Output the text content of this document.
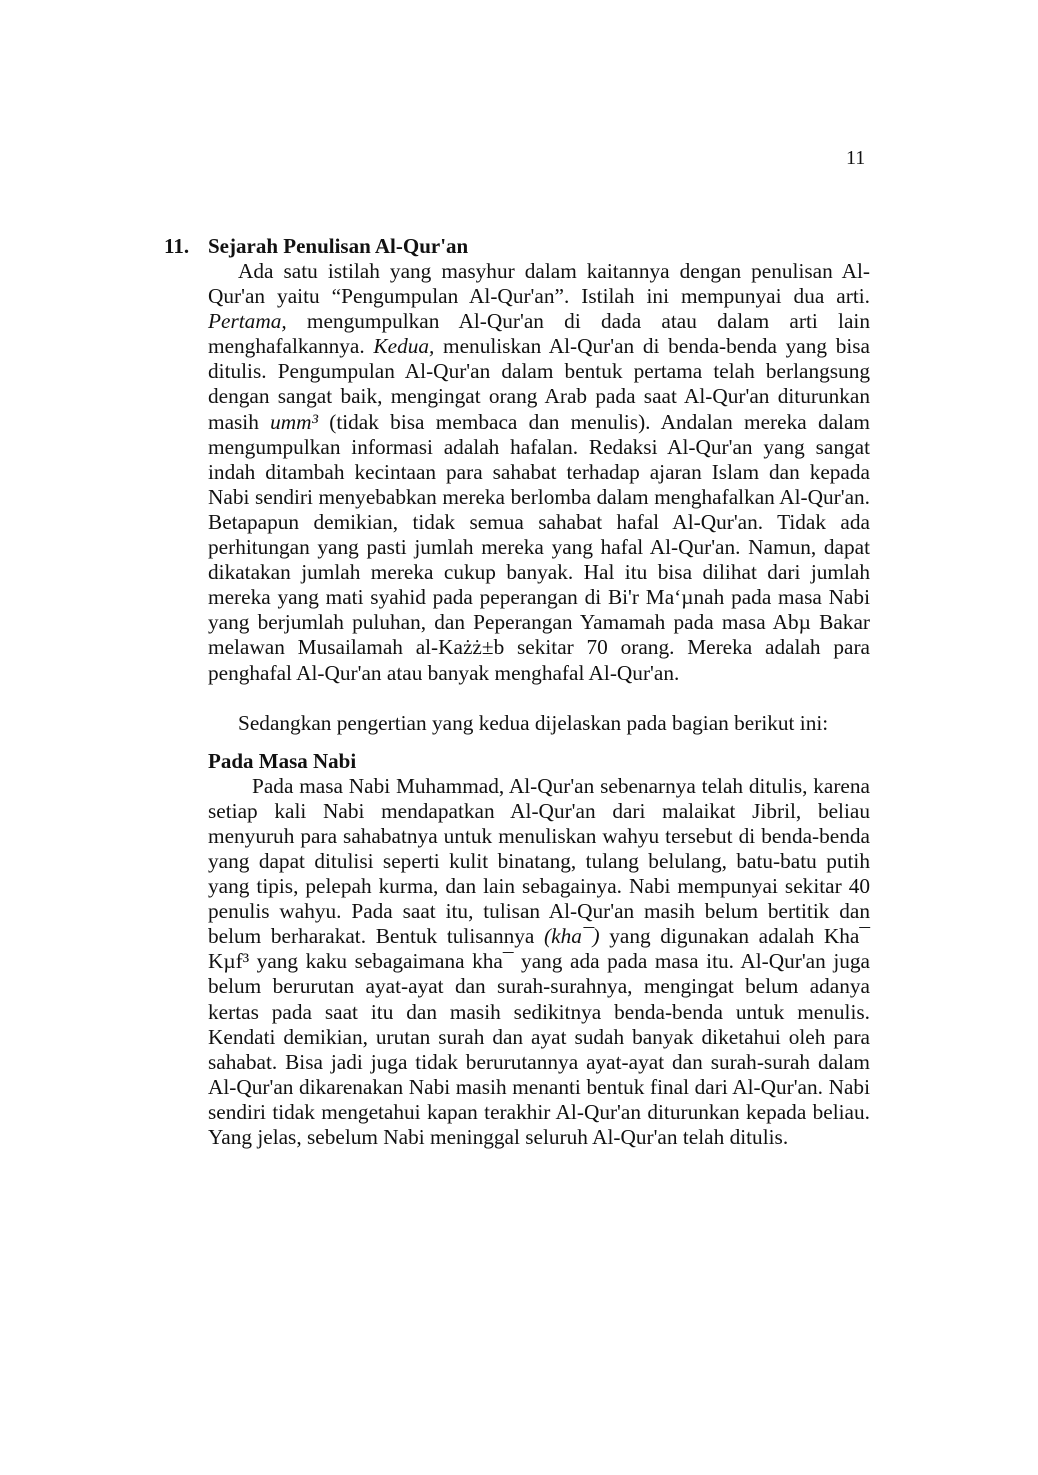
11
11. Sejarah Penulisan Al-Qur'an

Ada satu istilah yang masyhur dalam kaitannya dengan penulisan Al-Qur'an yaitu “Pengumpulan Al-Qur'an”. Istilah ini mempunyai dua arti. Pertama, mengumpulkan Al-Qur'an di dada atau dalam arti lain menghafalkannya. Kedua, menuliskan Al-Qur'an di benda-benda yang bisa ditulis. Pengumpulan Al-Qur'an dalam bentuk pertama telah berlangsung dengan sangat baik, mengingat orang Arab pada saat Al-Qur'an diturunkan masih umm³ (tidak bisa membaca dan menulis). Andalan mereka dalam mengumpulkan informasi adalah hafalan. Redaksi Al-Qur'an yang sangat indah ditambah kecintaan para sahabat terhadap ajaran Islam dan kepada Nabi sendiri menyebabkan mereka berlomba dalam menghafalkan Al-Qur'an. Betapapun demikian, tidak semua sahabat hafal Al-Qur'an. Tidak ada perhitungan yang pasti jumlah mereka yang hafal Al-Qur'an. Namun, dapat dikatakan jumlah mereka cukup banyak. Hal itu bisa dilihat dari jumlah mereka yang mati syahid pada peperangan di Bi'r Ma‘µnah pada masa Nabi yang berjumlah puluhan, dan Peperangan Yamamah pada masa Abµ Bakar melawan Musailamah al-Każż±b sekitar 70 orang. Mereka adalah para penghafal Al-Qur'an atau banyak menghafal Al-Qur'an.

Sedangkan pengertian yang kedua dijelaskan pada bagian berikut ini:

Pada Masa Nabi

Pada masa Nabi Muhammad, Al-Qur'an sebenarnya telah ditulis, karena setiap kali Nabi mendapatkan Al-Qur'an dari malaikat Jibril, beliau menyuruh para sahabatnya untuk menuliskan wahyu tersebut di benda-benda yang dapat ditulisi seperti kulit binatang, tulang belulang, batu-batu putih yang tipis, pelepah kurma, dan lain sebagainya. Nabi mempunyai sekitar 40 penulis wahyu. Pada saat itu, tulisan Al-Qur'an masih belum bertitik dan belum berharakat. Bentuk tulisannya (kha¯) yang digunakan adalah Kha¯ Kµf³ yang kaku sebagaimana kha¯ yang ada pada masa itu. Al-Qur'an juga belum berurutan ayat-ayat dan surah-surahnya, mengingat belum adanya kertas pada saat itu dan masih sedikitnya benda-benda untuk menulis. Kendati demikian, urutan surah dan ayat sudah banyak diketahui oleh para sahabat. Bisa jadi juga tidak berurutannya ayat-ayat dan surah-surah dalam Al-Qur'an dikarenakan Nabi masih menanti bentuk final dari Al-Qur'an. Nabi sendiri tidak mengetahui kapan terakhir Al-Qur'an diturunkan kepada beliau. Yang jelas, sebelum Nabi meninggal seluruh Al-Qur'an telah ditulis.
